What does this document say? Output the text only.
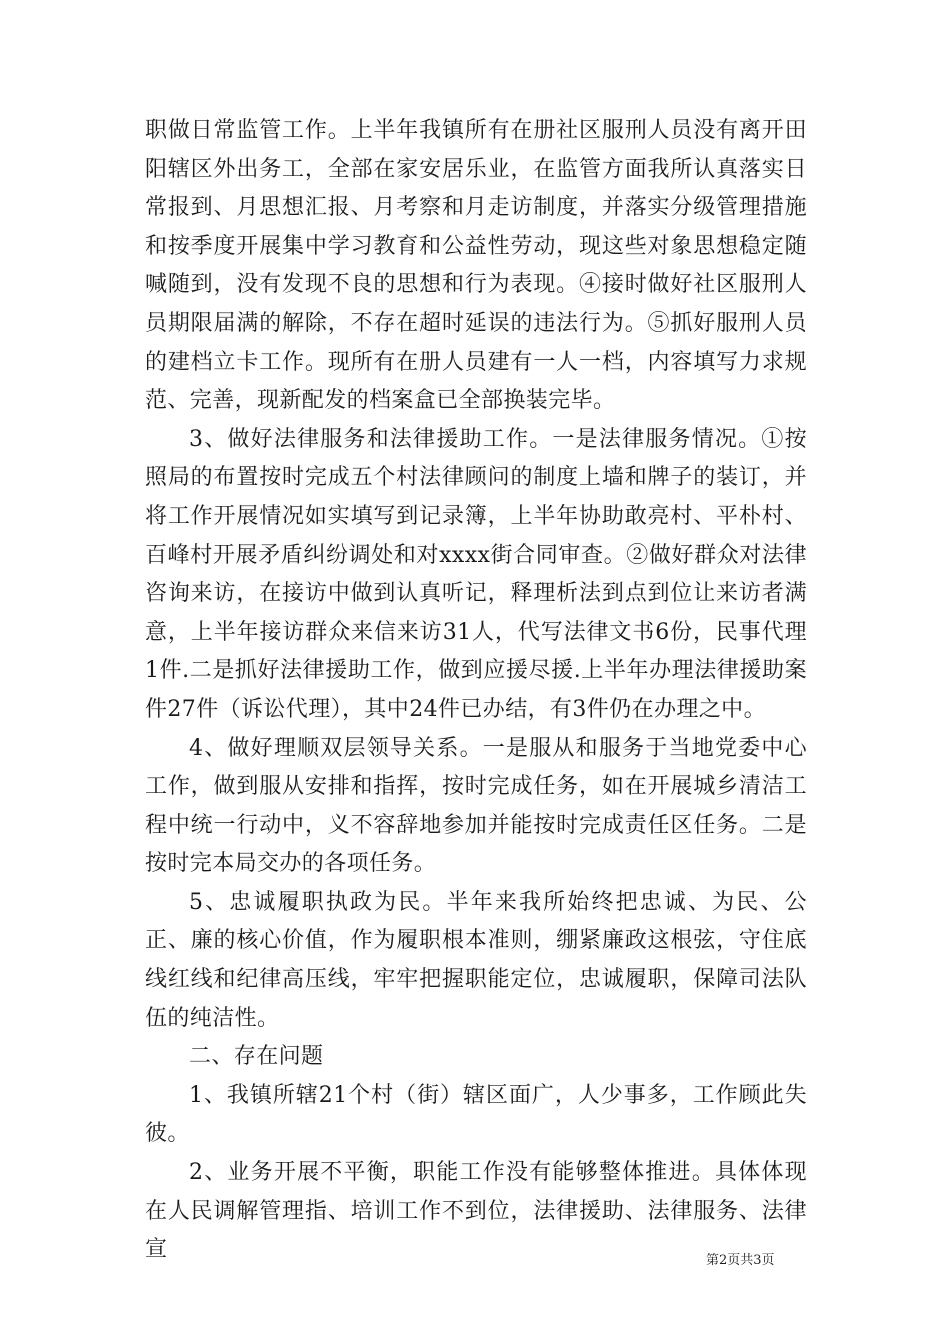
职做日常监管工作。上半年我镇所有在册社区服刑人员没有离开田阳辖区外出务工，全部在家安居乐业，在监管方面我所认真落实日常报到、月思想汇报、月考察和月走访制度，并落实分级管理措施和按季度开展集中学习教育和公益性劳动，现这些对象思想稳定随喊随到，没有发现不良的思想和行为表现。④接时做好社区服刑人员期限届满的解除，不存在超时延误的违法行为。⑤抓好服刑人员的建档立卡工作。现所有在册人员建有一人一档，内容填写力求规范、完善，现新配发的档案盒已全部换装完毕。

3、做好法律服务和法律援助工作。一是法律服务情况。①按照局的布置按时完成五个村法律顾问的制度上墙和牌子的装订，并将工作开展情况如实填写到记录簿，上半年协助敢亮村、平朴村、百峰村开展矛盾纠纷调处和对xxxx街合同审查。②做好群众对法律咨询来访，在接访中做到认真听记，释理析法到点到位让来访者满意，上半年接访群众来信来访31人，代写法律文书6份，民事代理1件.二是抓好法律援助工作，做到应援尽援.上半年办理法律援助案件27件（诉讼代理），其中24件已办结，有3件仍在办理之中。

4、做好理顺双层领导关系。一是服从和服务于当地党委中心工作，做到服从安排和指挥，按时完成任务，如在开展城乡清洁工程中统一行动中，义不容辞地参加并能按时完成责任区任务。二是按时完本局交办的各项任务。

5、忠诚履职执政为民。半年来我所始终把忠诚、为民、公正、廉的核心价值，作为履职根本准则，绷紧廉政这根弦，守住底线红线和纪律高压线，牢牢把握职能定位，忠诚履职，保障司法队伍的纯洁性。

二、存在问题

1、我镇所辖21个村（街）辖区面广，人少事多，工作顾此失彼。

2、业务开展不平衡，职能工作没有能够整体推进。具体体现在人民调解管理指、培训工作不到位，法律援助、法律服务、法律宣	第2页共3页
